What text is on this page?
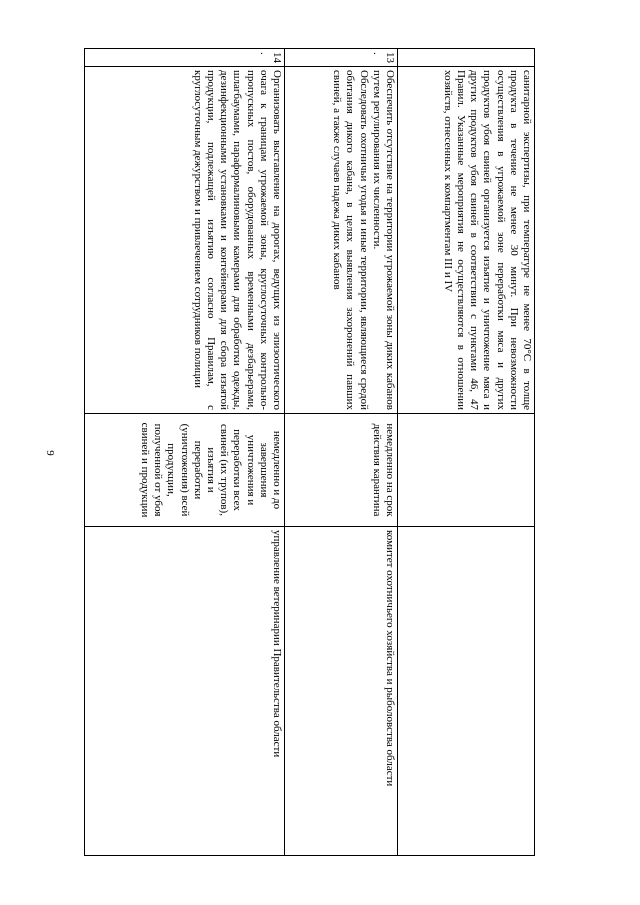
9

	санитарной экспертизы, при температуре не менее 70°С в толще продукта в течение не менее 30 минут. При невозможности осуществления в угрожаемой зоне переработки мяса и других продуктов убоя свиней организуется изъятие и уничтожение мяса и других продуктов убоя свиней в соответствии с пунктами 46, 47 Правил. Указанные мероприятия не осуществляются в отношении хозяйств, отнесенных к компартментам III и IV		

13.	Обеспечить отсутствие на территории угрожаемой зоны диких кабанов путем регулирования их численности.

Обследовать охотничьи угодья и иные территории, являющиеся средой обитания дикого кабана, в целях выявления захоронений павших свиней, а также случаев падежа диких кабанов	немедленно на срок действия карантина	комитет охотничьего хозяйства и рыболовства области
14.	Организовать выставление на дорогах, ведущих из эпизоотического очага к границам угрожаемой зоны, круглосуточных контрольно-пропускных постов, оборудованных временными дезбарьерами, шлагбаумами, параформалиновыми камерами для обработки одежды, дезинфекционными установками и контейнерами для сбора изъятой продукции, подлежащей изъятию согласно Правилам, с круглосуточным дежурством и привлечением сотрудников полиции	немедленно и до завершения уничтожения и переработки всех свиней (их трупов), изъятия и переработки (уничтожения) всей продукции, полученной от убоя свиней и продукции	управление ветеринарии Правительства области
